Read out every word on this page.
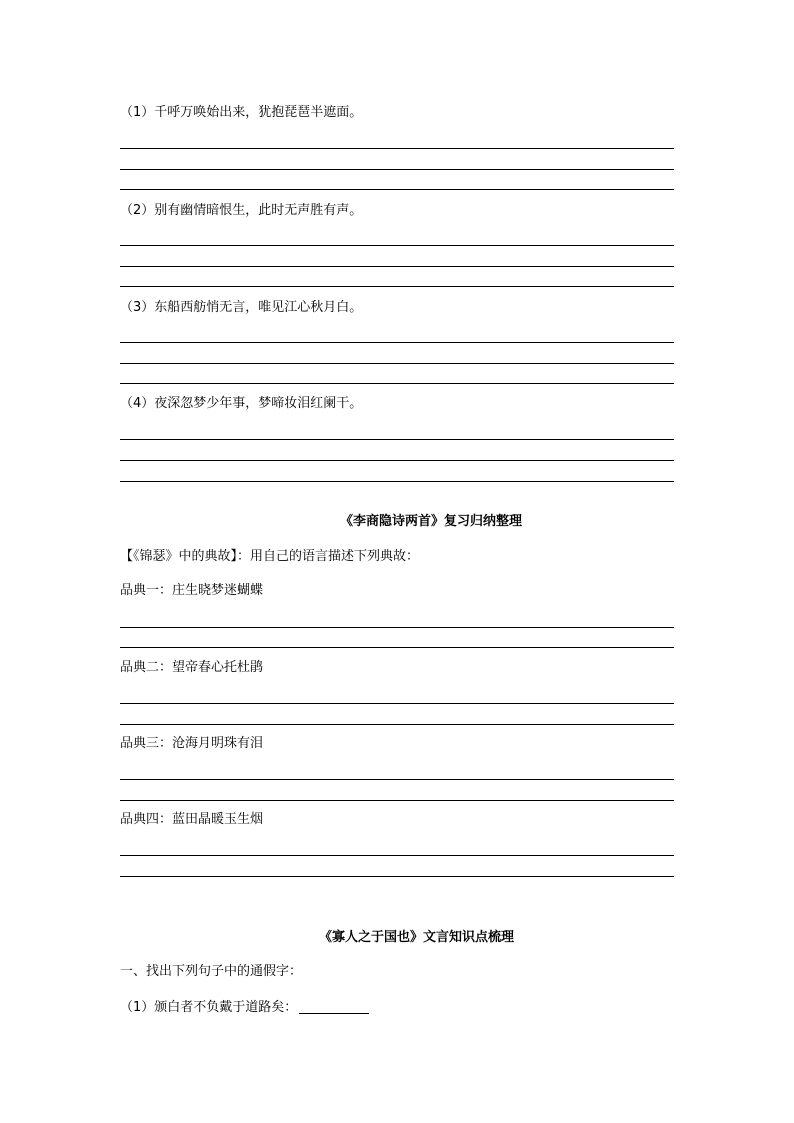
（1）千呼万唤始出来，犹抱琵琶半遮面。
（2）别有幽情暗恨生，此时无声胜有声。
（3）东船西舫悄无言，唯见江心秋月白。
（4）夜深忽梦少年事，梦啼妆泪红阑干。
《李商隐诗两首》复习归纳整理
【《锦瑟》中的典故】：用自己的语言描述下列典故：
品典一：庄生晓梦迷蝴蝶
品典二：望帝春心托杜鹃
品典三：沧海月明珠有泪
品典四：蓝田晶暖玉生烟
《寡人之于国也》文言知识点梳理
一、找出下列句子中的通假字：
（1）颁白者不负戴于道路矣：
